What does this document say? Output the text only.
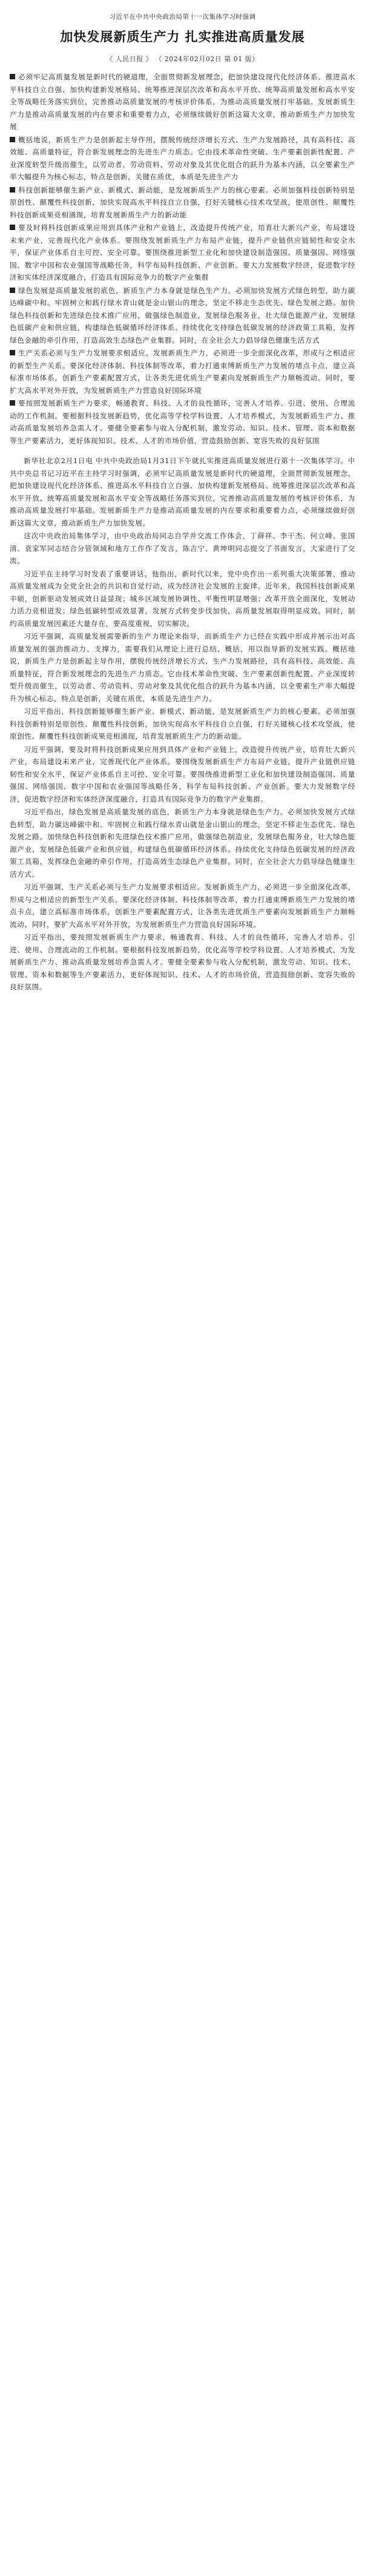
习近平在中共中央政治局第十一次集体学习时强调
加快发展新质生产力 扎实推进高质量发展
《 人民日报 》 （ 2024年02月02日 第 01 版）

必须牢记高质量发展是新时代的硬道理，全面贯彻新发展理念，把加快建设现代化经济体系、推进高水平科技自立自强、加快构建新发展格局、统筹推进深层次改革和高水平开放、统筹高质量发展和高水平安全等战略任务落实到位，完善推动高质量发展的考核评价体系，为推动高质量发展打牢基础。发展新质生产力是推动高质量发展的内在要求和重要着力点，必须继续做好创新这篇大文章，推动新质生产力加快发展

概括地说，新质生产力是创新起主导作用，摆脱传统经济增长方式、生产力发展路径，具有高科技、高效能、高质量特征，符合新发展理念的先进生产力质态。它由技术革命性突破、生产要素创新性配置、产业深度转型升级而催生，以劳动者、劳动资料、劳动对象及其优化组合的跃升为基本内涵，以全要素生产率大幅提升为核心标志，特点是创新，关键在质优，本质是先进生产力

科技创新能够催生新产业、新模式、新动能，是发展新质生产力的核心要素。必须加强科技创新特别是原创性、颠覆性科技创新，加快实现高水平科技自立自强，打好关键核心技术攻坚战，使原创性、颠覆性科技创新成果竞相涌现，培育发展新质生产力的新动能

要及时将科技创新成果应用到具体产业和产业链上，改造提升传统产业，培育壮大新兴产业，布局建设未来产业，完善现代化产业体系。要围绕发展新质生产力布局产业链，提升产业链供应链韧性和安全水平，保证产业体系自主可控、安全可靠。要围绕推进新型工业化和加快建设制造强国、质量强国、网络强国、数字中国和农业强国等战略任务，科学布局科技创新、产业创新。要大力发展数字经济，促进数字经济和实体经济深度融合，打造具有国际竞争力的数字产业集群

绿色发展是高质量发展的底色，新质生产力本身就是绿色生产力。必须加快发展方式绿色转型，助力碳达峰碳中和。牢固树立和践行绿水青山就是金山银山的理念，坚定不移走生态优先、绿色发展之路。加快绿色科技创新和先进绿色技术推广应用，做强绿色制造业，发展绿色服务业，壮大绿色能源产业，发展绿色低碳产业和供应链，构建绿色低碳循环经济体系。持续优化支持绿色低碳发展的经济政策工具箱，发挥绿色金融的牵引作用，打造高效生态绿色产业集群。同时，在全社会大力倡导绿色健康生活方式

生产关系必须与生产力发展要求相适应。发展新质生产力，必须进一步全面深化改革，形成与之相适应的新型生产关系。要深化经济体制、科技体制等改革，着力打通束缚新质生产力发展的堵点卡点，建立高标准市场体系，创新生产要素配置方式，让各类先进优质生产要素向发展新质生产力顺畅流动。同时，要扩大高水平对外开放，为发展新质生产力营造良好国际环境

要按照发展新质生产力要求，畅通教育、科技、人才的良性循环，完善人才培养、引进、使用、合理流动的工作机制。要根据科技发展新趋势，优化高等学校学科设置、人才培养模式，为发展新质生产力、推动高质量发展培养急需人才。要健全要素参与收入分配机制，激发劳动、知识、技术、管理、资本和数据等生产要素活力，更好体现知识、技术、人才的市场价值，营造鼓励创新、宽容失败的良好氛围

新华社北京2月1日电 中共中央政治局1月31日下午就扎实推进高质量发展进行第十一次集体学习。中共中央总书记习近平在主持学习时强调，必须牢记高质量发展是新时代的硬道理，全面贯彻新发展理念，把加快建设现代化经济体系、推进高水平科技自立自强、加快构建新发展格局、统筹推进深层次改革和高水平开放、统筹高质量发展和高水平安全等战略任务落实到位，完善推动高质量发展的考核评价体系，为推动高质量发展打牢基础。发展新质生产力是推动高质量发展的内在要求和重要着力点，必须继续做好创新这篇大文章，推动新质生产力加快发展。

这次中央政治局集体学习，由中央政治局同志自学并交流工作体会，丁薛祥、李干杰、何立峰、张国清、袁家军同志结合分管领域和地方工作作了发言，陈吉宁、黄坤明同志提交了书面发言，大家进行了交流。

习近平在主持学习时发表了重要讲话。他指出，新时代以来，党中央作出一系列重大决策部署，推动高质量发展成为全党全社会的共识和自觉行动，成为经济社会发展的主旋律。近年来，我国科技创新成果丰硕，创新驱动发展成效日益显现；城乡区域发展协调性、平衡性明显增强；改革开放全面深化，发展动力活力竞相迸发；绿色低碳转型成效显著，发展方式转变步伐加快，高质量发展取得明显成效。同时，制约高质量发展因素还大量存在，要高度重视，切实解决。

习近平强调，高质量发展需要新的生产力理论来指导，而新质生产力已经在实践中形成并展示出对高质量发展的强劲推动力、支撑力，需要我们从理论上进行总结、概括，用以指导新的发展实践。概括地说，新质生产力是创新起主导作用，摆脱传统经济增长方式、生产力发展路径，具有高科技、高效能、高质量特征，符合新发展理念的先进生产力质态。它由技术革命性突破、生产要素创新性配置、产业深度转型升级而催生，以劳动者、劳动资料、劳动对象及其优化组合的跃升为基本内涵，以全要素生产率大幅提升为核心标志，特点是创新，关键在质优，本质是先进生产力。

习近平指出，科技创新能够催生新产业、新模式、新动能，是发展新质生产力的核心要素。必须加强科技创新特别是原创性、颠覆性科技创新，加快实现高水平科技自立自强，打好关键核心技术攻坚战，使原创性、颠覆性科技创新成果竞相涌现，培育发展新质生产力的新动能。

习近平强调，要及时将科技创新成果应用到具体产业和产业链上，改造提升传统产业，培育壮大新兴产业，布局建设未来产业，完善现代化产业体系。要围绕发展新质生产力布局产业链，提升产业链供应链韧性和安全水平，保证产业体系自主可控、安全可靠。要围绕推进新型工业化和加快建设制造强国、质量强国、网络强国、数字中国和农业强国等战略任务，科学布局科技创新、产业创新。要大力发展数字经济，促进数字经济和实体经济深度融合，打造具有国际竞争力的数字产业集群。

习近平指出，绿色发展是高质量发展的底色，新质生产力本身就是绿色生产力。必须加快发展方式绿色转型，助力碳达峰碳中和。牢固树立和践行绿水青山就是金山银山的理念，坚定不移走生态优先、绿色发展之路。加快绿色科技创新和先进绿色技术推广应用，做强绿色制造业，发展绿色服务业，壮大绿色能源产业，发展绿色低碳产业和供应链，构建绿色低碳循环经济体系。持续优化支持绿色低碳发展的经济政策工具箱，发挥绿色金融的牵引作用，打造高效生态绿色产业集群。同时，在全社会大力倡导绿色健康生活方式。

习近平强调，生产关系必须与生产力发展要求相适应。发展新质生产力，必须进一步全面深化改革，形成与之相适应的新型生产关系。要深化经济体制、科技体制等改革，着力打通束缚新质生产力发展的堵点卡点，建立高标准市场体系，创新生产要素配置方式，让各类先进优质生产要素向发展新质生产力顺畅流动。同时，要扩大高水平对外开放，为发展新质生产力营造良好国际环境。

习近平指出，要按照发展新质生产力要求，畅通教育、科技、人才的良性循环，完善人才培养、引进、使用、合理流动的工作机制。要根据科技发展新趋势，优化高等学校学科设置、人才培养模式，为发展新质生产力、推动高质量发展培养急需人才。要健全要素参与收入分配机制，激发劳动、知识、技术、管理、资本和数据等生产要素活力，更好体现知识、技术、人才的市场价值，营造鼓励创新、宽容失败的良好氛围。
